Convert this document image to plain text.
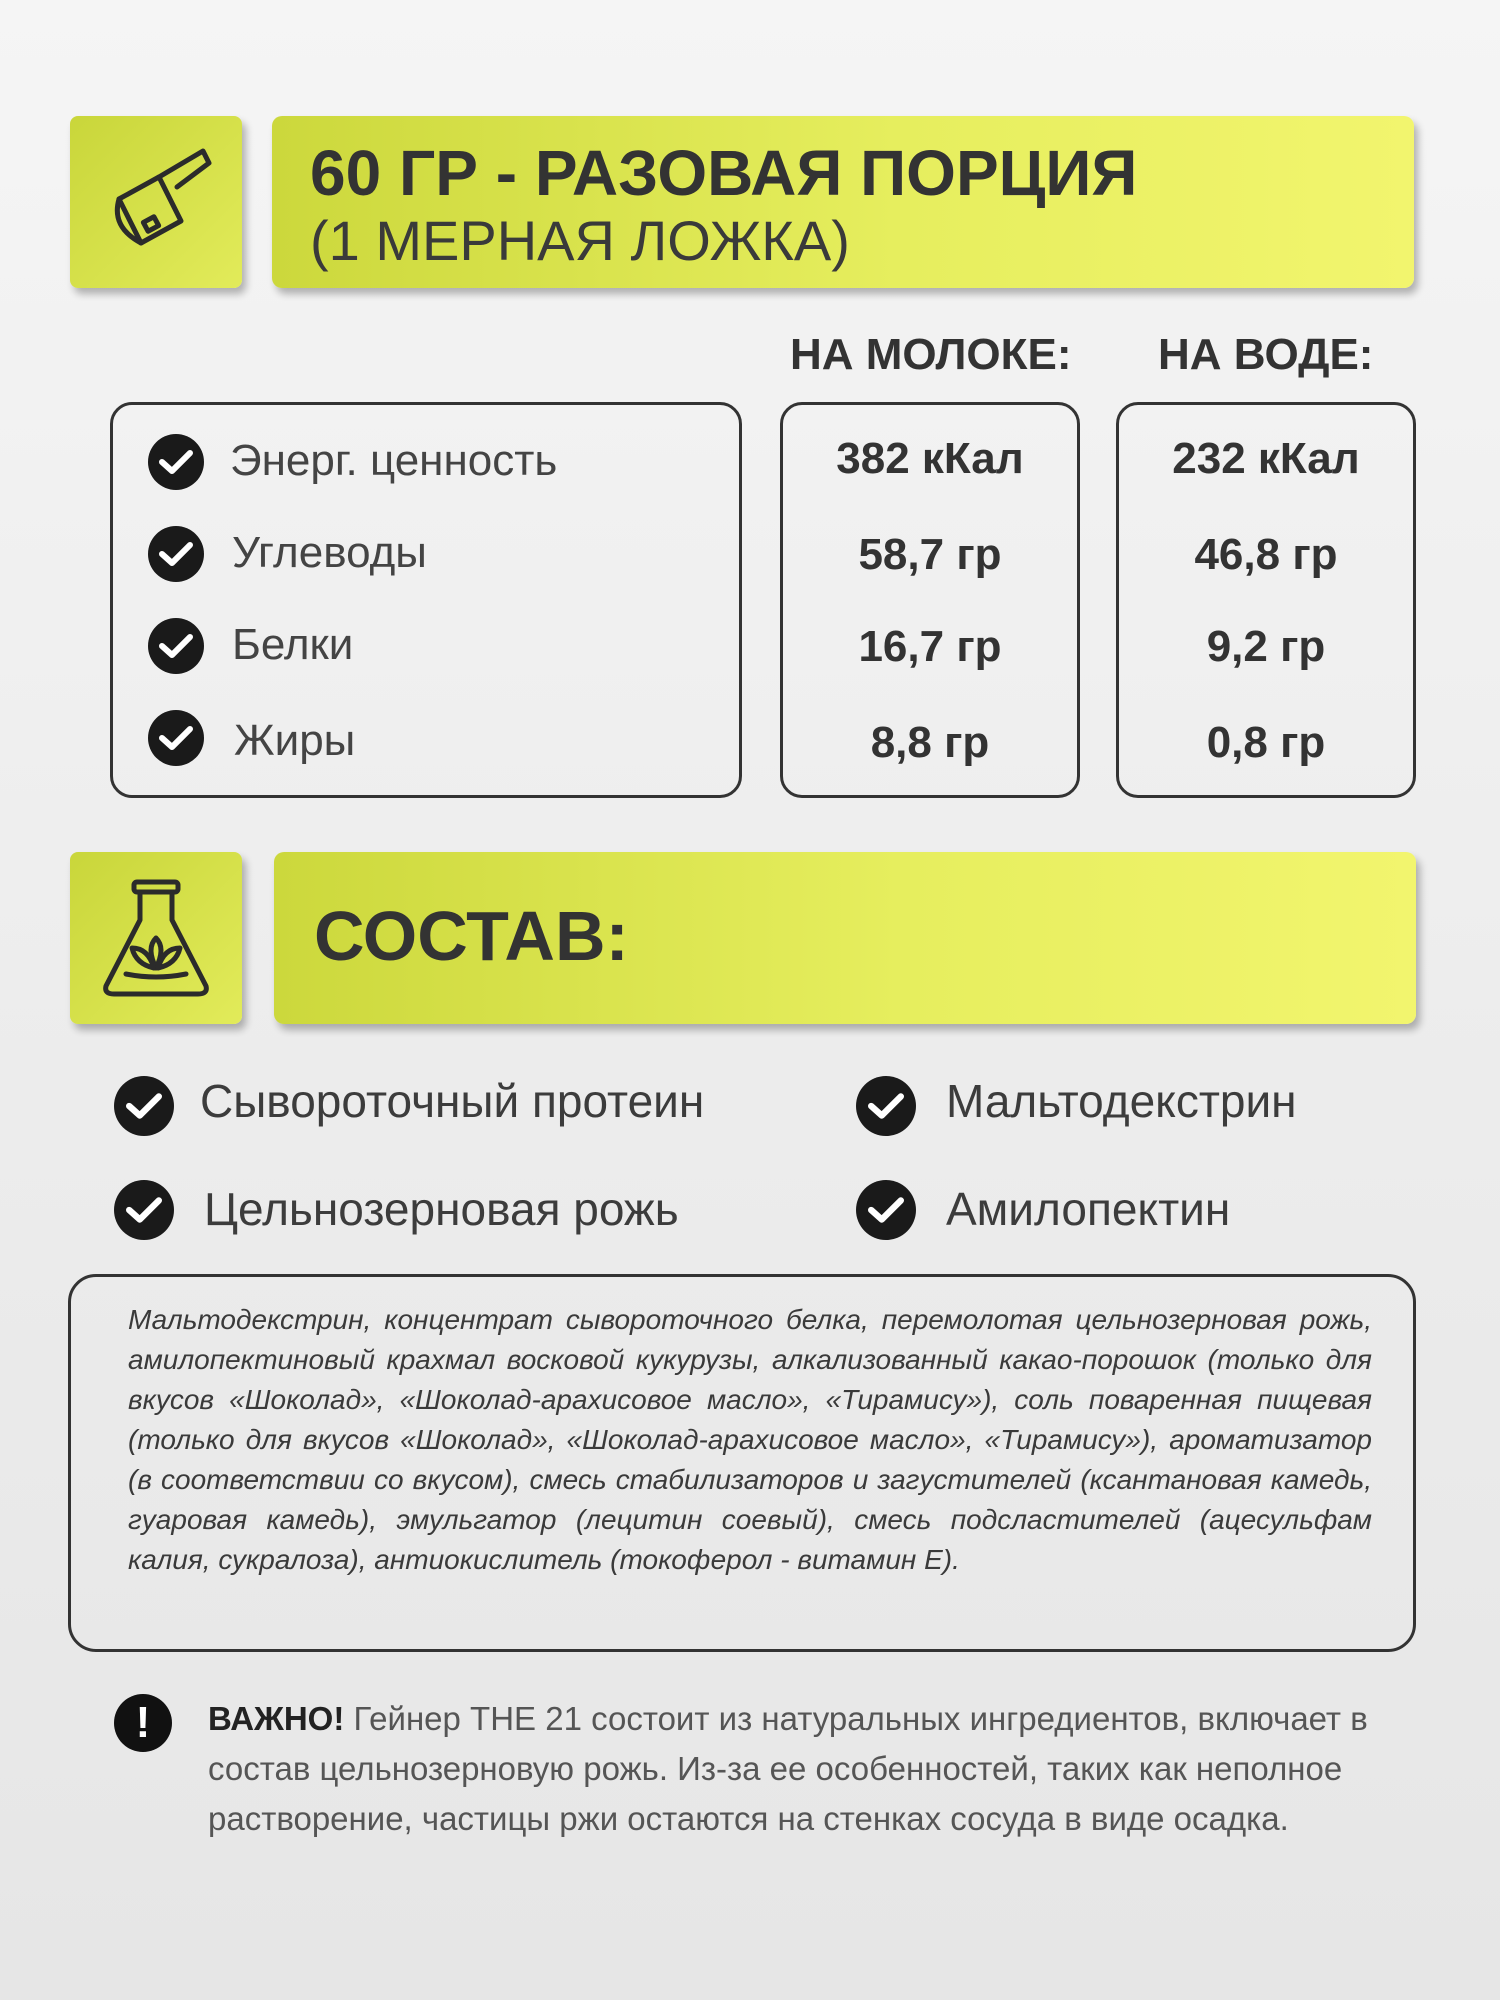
60 ГР - РАЗОВАЯ ПОРЦИЯ
(1 МЕРНАЯ ЛОЖКА)
НА МОЛОКЕ: НА ВОДЕ:
Энерг. ценность	382 кКал	232 кКал
Углеводы	58,7 гр	46,8 гр
Белки	16,7 гр	9,2 гр
Жиры	8,8 гр	0,8 гр
СОСТАВ:
Сывороточный протеин	Мальтодекстрин
Цельнозерновая рожь	Амилопектин

Мальтодекстрин, концентрат сывороточного белка, перемолотая цельнозерновая рожь, амилопектиновый крахмал восковой кукурузы, алкализованный какао-порошок (только для вкусов «Шоколад», «Шоколад-арахисовое масло», «Тирамису»), соль поваренная пищевая (только для вкусов «Шоколад», «Шоколад-арахисовое масло», «Тирамису»), ароматизатор (в соответствии со вкусом), смесь стабилизаторов и загустителей (ксантановая камедь, гуаровая камедь), эмульгатор (лецитин соевый), смесь подсластителей (ацесульфам калия, сукралоза), антиокислитель (токоферол - витамин Е).

!	ВАЖНО! Гейнер THE 21 состоит из натуральных ингредиентов, включает в состав цельнозерновую рожь. Из-за ее особенностей, таких как неполное растворение, частицы ржи остаются на стенках сосуда в виде осадка.
